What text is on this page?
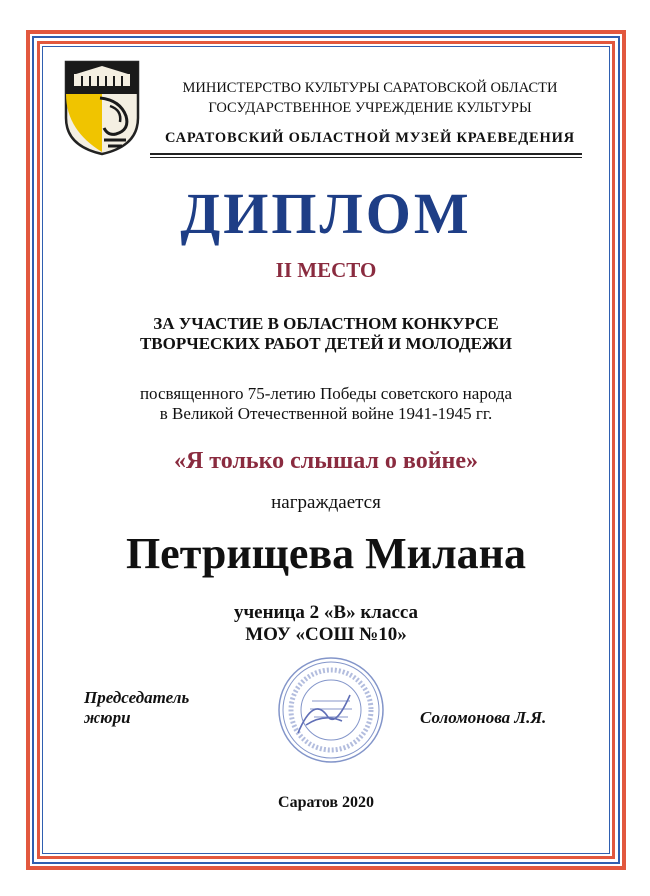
МИНИСТЕРСТВО КУЛЬТУРЫ САРАТОВСКОЙ ОБЛАСТИ
ГОСУДАРСТВЕННОЕ УЧРЕЖДЕНИЕ КУЛЬТУРЫ
САРАТОВСКИЙ ОБЛАСТНОЙ МУЗЕЙ КРАЕВЕДЕНИЯ
ДИПЛОМ
II МЕСТО
ЗА УЧАСТИЕ В ОБЛАСТНОМ КОНКУРСЕ
ТВОРЧЕСКИХ РАБОТ ДЕТЕЙ И МОЛОДЕЖИ
посвященного 75-летию Победы советского народа
в Великой Отечественной войне 1941-1945 гг.
«Я только слышал о войне»
награждается
Петрищева Милана
ученица 2 «В» класса
МОУ «СОШ №10»
Председатель
жюри	Соломонова Л.Я.
Саратов 2020
